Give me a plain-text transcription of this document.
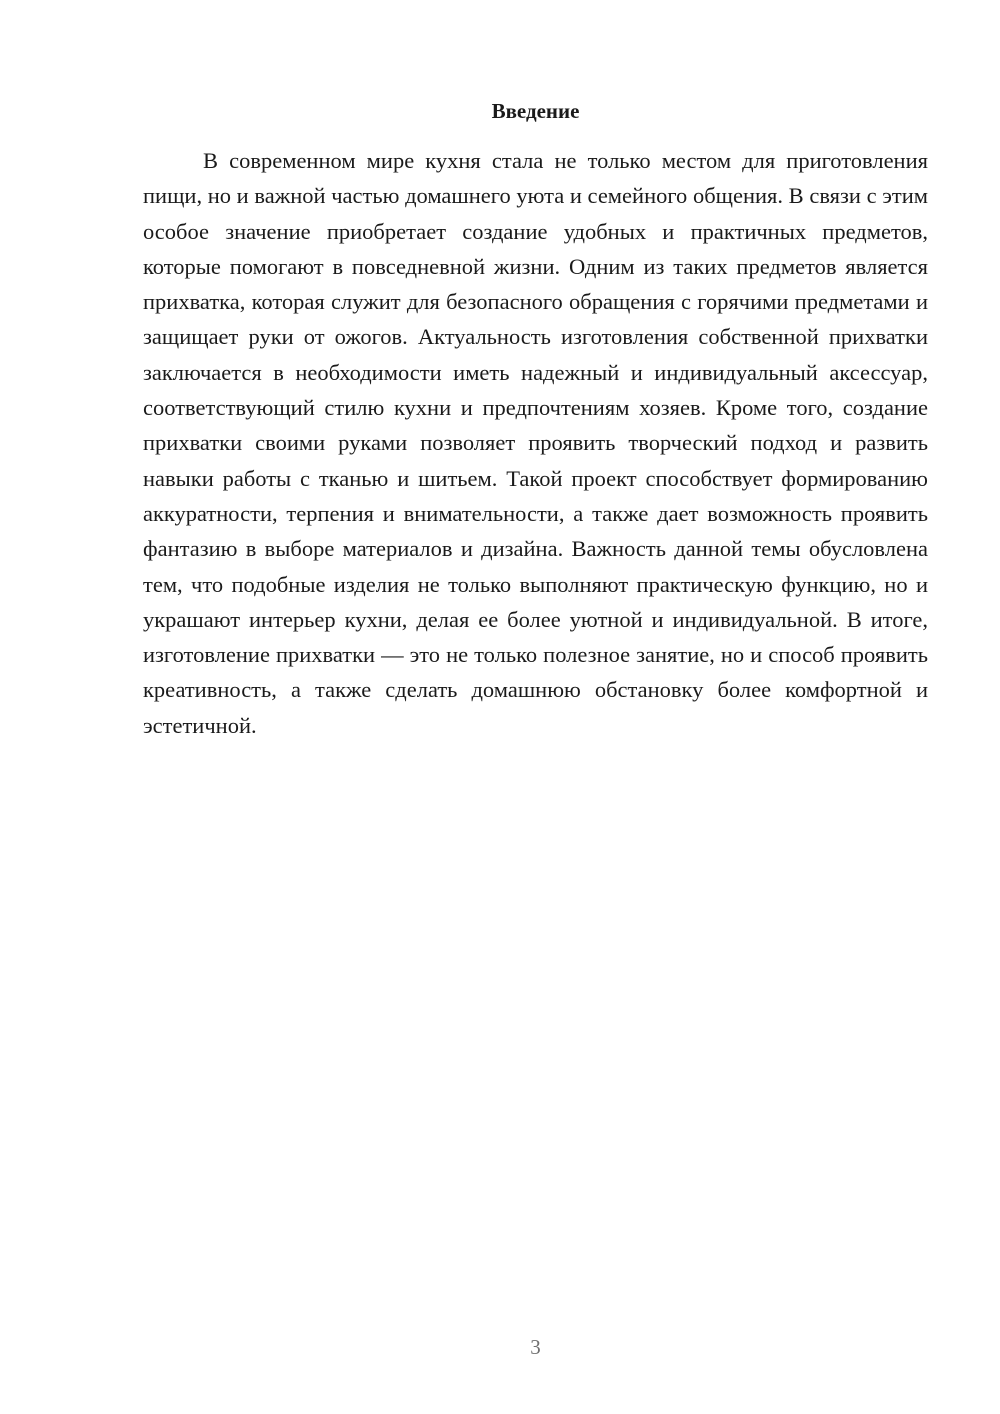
Введение

В современном мире кухня стала не только местом для приготовления пищи, но и важной частью домашнего уюта и семейного общения. В связи с этим особое значение приобретает создание удобных и практичных предметов, которые помогают в повседневной жизни. Одним из таких предметов является прихватка, которая служит для безопасного обращения с горячими предметами и защищает руки от ожогов. Актуальность изготовления собственной прихватки заключается в необходимости иметь надежный и индивидуальный аксессуар, соответствующий стилю кухни и предпочтениям хозяев. Кроме того, создание прихватки своими руками позволяет проявить творческий подход и развить навыки работы с тканью и шитьем. Такой проект способствует формированию аккуратности, терпения и внимательности, а также дает возможность проявить фантазию в выборе материалов и дизайна. Важность данной темы обусловлена тем, что подобные изделия не только выполняют практическую функцию, но и украшают интерьер кухни, делая ее более уютной и индивидуальной. В итоге, изготовление прихватки — это не только полезное занятие, но и способ проявить креативность, а также сделать домашнюю обстановку более комфортной и эстетичной.

3
